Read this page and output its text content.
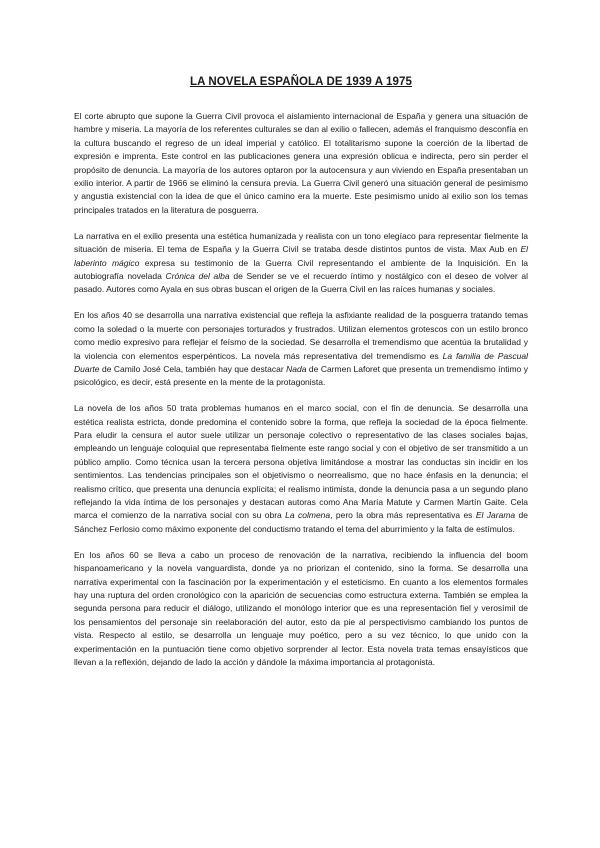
LA NOVELA ESPAÑOLA DE 1939 A 1975

El corte abrupto que supone la Guerra Civil provoca el aislamiento internacional de España y genera una situación de hambre y miseria. La mayoría de los referentes culturales se dan al exilio o fallecen, además el franquismo desconfía en la cultura buscando el regreso de un ideal imperial y católico. El totalitarismo supone la coerción de la libertad de expresión e imprenta. Este control en las publicaciones genera una expresión oblicua e indirecta, pero sin perder el propósito de denuncia. La mayoría de los autores optaron por la autocensura y aun viviendo en España presentaban un exilio interior. A partir de 1966 se eliminó la censura previa. La Guerra Civil generó una situación general de pesimismo y angustia existencial con la idea de que el único camino era la muerte. Este pesimismo unido al exilio son los temas principales tratados en la literatura de posguerra.

La narrativa en el exilio presenta una estética humanizada y realista con un tono elegíaco para representar fielmente la situación de miseria. El tema de España y la Guerra Civil se trataba desde distintos puntos de vista. Max Aub en El laberinto mágico expresa su testimonio de la Guerra Civil representando el ambiente de la Inquisición. En la autobiografía novelada Crónica del alba de Sender se ve el recuerdo íntimo y nostálgico con el deseo de volver al pasado. Autores como Ayala en sus obras buscan el origen de la Guerra Civil en las raíces humanas y sociales.

En los años 40 se desarrolla una narrativa existencial que refleja la asfixiante realidad de la posguerra tratando temas como la soledad o la muerte con personajes torturados y frustrados. Utilizan elementos grotescos con un estilo bronco como medio expresivo para reflejar el feísmo de la sociedad. Se desarrolla el tremendismo que acentúa la brutalidad y la violencia con elementos esperpénticos. La novela más representativa del tremendismo es La familia de Pascual Duarte de Camilo José Cela, también hay que destacar Nada de Carmen Laforet que presenta un tremendismo íntimo y psicológico, es decir, está presente en la mente de la protagonista.

La novela de los años 50 trata problemas humanos en el marco social, con el fin de denuncia. Se desarrolla una estética realista estricta, donde predomina el contenido sobre la forma, que refleja la sociedad de la época fielmente. Para eludir la censura el autor suele utilizar un personaje colectivo o representativo de las clases sociales bajas, empleando un lenguaje coloquial que representaba fielmente este rango social y con el objetivo de ser transmitido a un público amplio. Como técnica usan la tercera persona objetiva limitándose a mostrar las conductas sin incidir en los sentimientos. Las tendencias principales son el objetivismo o neorrealismo, que no hace énfasis en la denuncia; el realismo crítico, que presenta una denuncia explícita; el realismo intimista, donde la denuncia pasa a un segundo plano reflejando la vida íntima de los personajes y destacan autoras como Ana María Matute y Carmen Martín Gaite. Cela marca el comienzo de la narrativa social con su obra La colmena, pero la obra más representativa es El Jarama de Sánchez Ferlosio como máximo exponente del conductismo tratando el tema del aburrimiento y la falta de estímulos.

En los años 60 se lleva a cabo un proceso de renovación de la narrativa, recibiendo la influencia del boom hispanoamericano y la novela vanguardista, donde ya no priorizan el contenido, sino la forma. Se desarrolla una narrativa experimental con la fascinación por la experimentación y el esteticismo. En cuanto a los elementos formales hay una ruptura del orden cronológico con la aparición de secuencias como estructura externa. También se emplea la segunda persona para reducir el diálogo, utilizando el monólogo interior que es una representación fiel y verosímil de los pensamientos del personaje sin reelaboración del autor, esto da pie al perspectivismo cambiando los puntos de vista. Respecto al estilo, se desarrolla un lenguaje muy poético, pero a su vez técnico, lo que unido con la experimentación en la puntuación tiene como objetivo sorprender al lector. Esta novela trata temas ensayísticos que llevan a la reflexión, dejando de lado la acción y dándole la máxima importancia al protagonista.
